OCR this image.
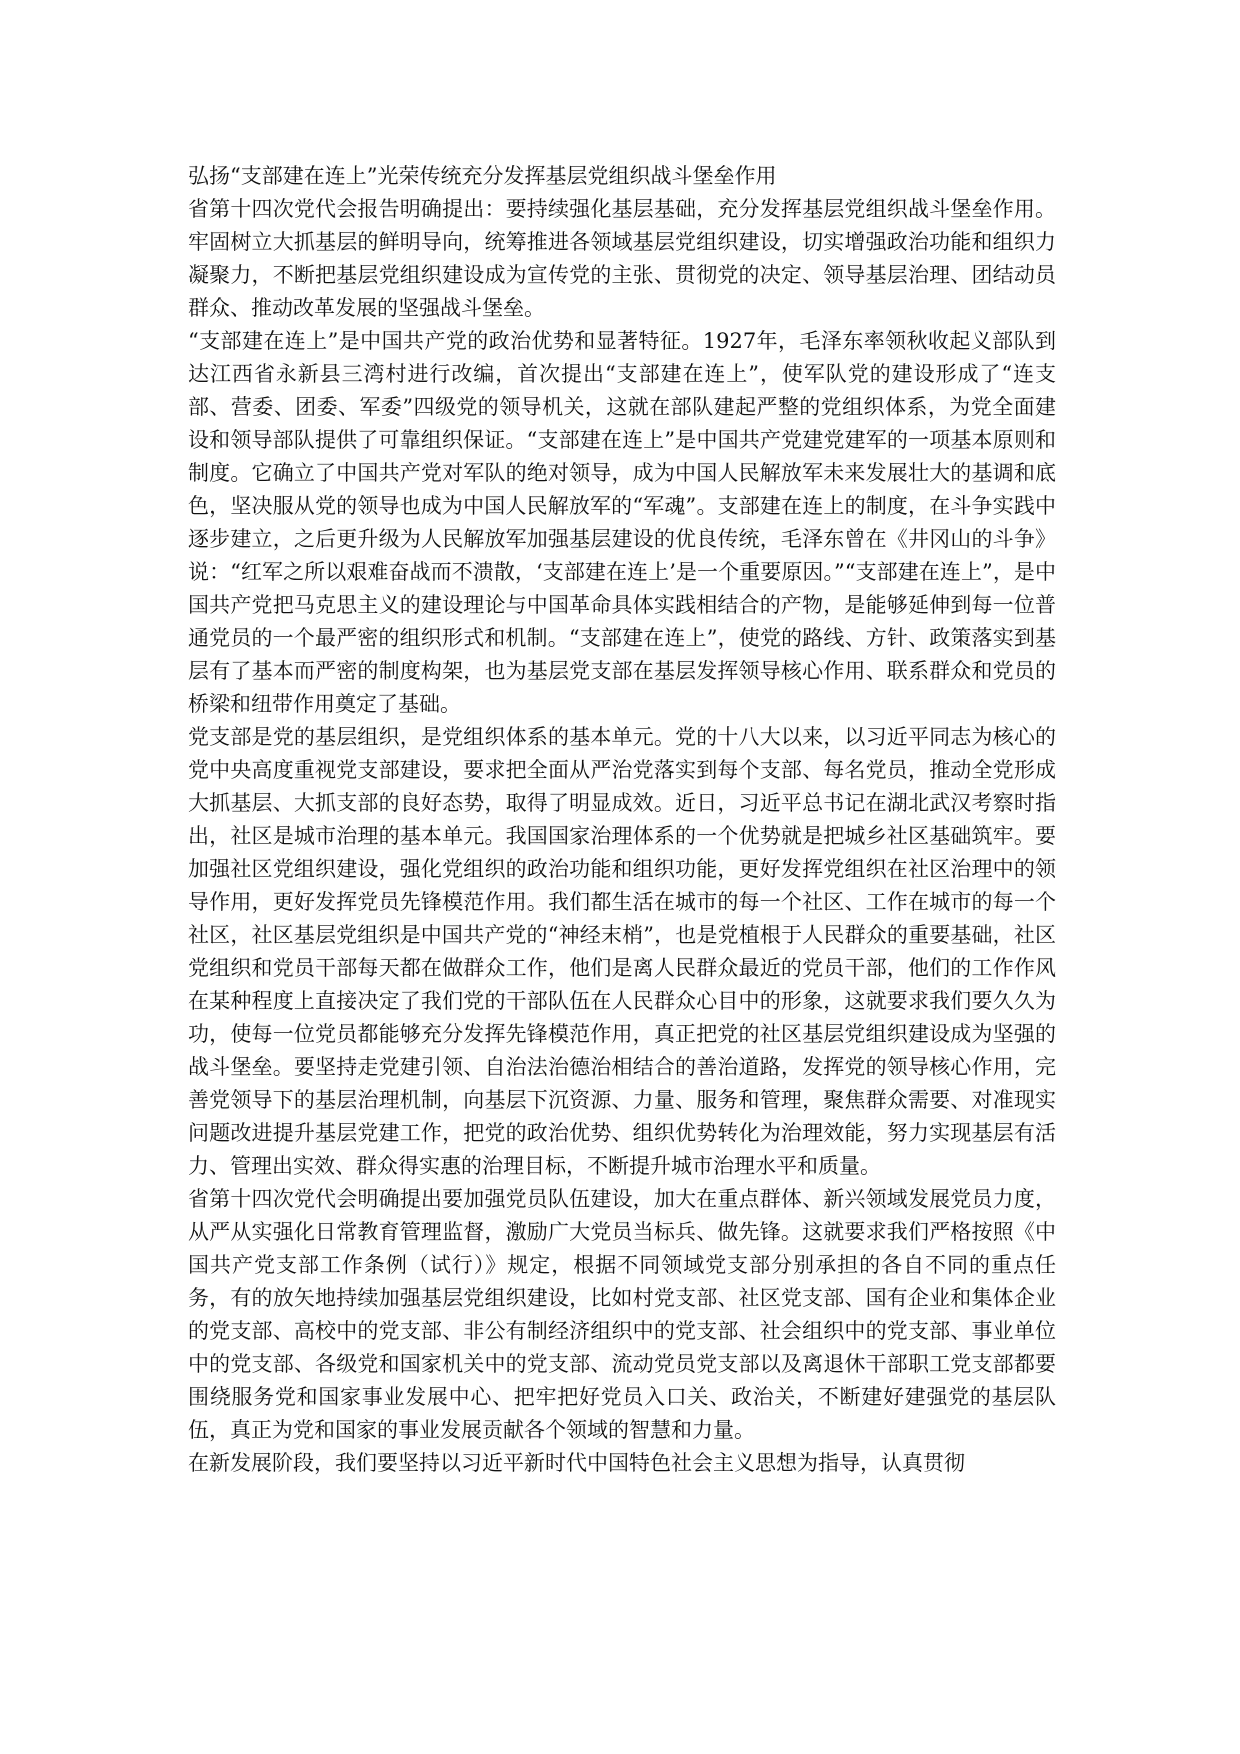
弘扬“支部建在连上”光荣传统充分发挥基层党组织战斗堡垒作用

省第十四次党代会报告明确提出：要持续强化基层基础，充分发挥基层党组织战斗堡垒作用。牢固树立大抓基层的鲜明导向，统筹推进各领域基层党组织建设，切实增强政治功能和组织力凝聚力，不断把基层党组织建设成为宣传党的主张、贯彻党的决定、领导基层治理、团结动员群众、推动改革发展的坚强战斗堡垒。

“支部建在连上”是中国共产党的政治优势和显著特征。1927年，毛泽东率领秋收起义部队到达江西省永新县三湾村进行改编，首次提出“支部建在连上”，使军队党的建设形成了“连支部、营委、团委、军委”四级党的领导机关，这就在部队建起严整的党组织体系，为党全面建设和领导部队提供了可靠组织保证。“支部建在连上”是中国共产党建党建军的一项基本原则和制度。它确立了中国共产党对军队的绝对领导，成为中国人民解放军未来发展壮大的基调和底色，坚决服从党的领导也成为中国人民解放军的“军魂”。支部建在连上的制度，在斗争实践中逐步建立，之后更升级为人民解放军加强基层建设的优良传统，毛泽东曾在《井冈山的斗争》说：“红军之所以艰难奋战而不溃散，‘支部建在连上’是一个重要原因。”“支部建在连上”，是中国共产党把马克思主义的建设理论与中国革命具体实践相结合的产物，是能够延伸到每一位普通党员的一个最严密的组织形式和机制。“支部建在连上”，使党的路线、方针、政策落实到基层有了基本而严密的制度构架，也为基层党支部在基层发挥领导核心作用、联系群众和党员的桥梁和纽带作用奠定了基础。

党支部是党的基层组织，是党组织体系的基本单元。党的十八大以来，以习近平同志为核心的党中央高度重视党支部建设，要求把全面从严治党落实到每个支部、每名党员，推动全党形成大抓基层、大抓支部的良好态势，取得了明显成效。近日，习近平总书记在湖北武汉考察时指出，社区是城市治理的基本单元。我国国家治理体系的一个优势就是把城乡社区基础筑牢。要加强社区党组织建设，强化党组织的政治功能和组织功能，更好发挥党组织在社区治理中的领导作用，更好发挥党员先锋模范作用。我们都生活在城市的每一个社区、工作在城市的每一个社区，社区基层党组织是中国共产党的“神经末梢”，也是党植根于人民群众的重要基础，社区党组织和党员干部每天都在做群众工作，他们是离人民群众最近的党员干部，他们的工作作风在某种程度上直接决定了我们党的干部队伍在人民群众心目中的形象，这就要求我们要久久为功，使每一位党员都能够充分发挥先锋模范作用，真正把党的社区基层党组织建设成为坚强的战斗堡垒。要坚持走党建引领、自治法治德治相结合的善治道路，发挥党的领导核心作用，完善党领导下的基层治理机制，向基层下沉资源、力量、服务和管理，聚焦群众需要、对准现实问题改进提升基层党建工作，把党的政治优势、组织优势转化为治理效能，努力实现基层有活力、管理出实效、群众得实惠的治理目标，不断提升城市治理水平和质量。

省第十四次党代会明确提出要加强党员队伍建设，加大在重点群体、新兴领域发展党员力度，从严从实强化日常教育管理监督，激励广大党员当标兵、做先锋。这就要求我们严格按照《中国共产党支部工作条例（试行）》规定，根据不同领域党支部分别承担的各自不同的重点任务，有的放矢地持续加强基层党组织建设，比如村党支部、社区党支部、国有企业和集体企业的党支部、高校中的党支部、非公有制经济组织中的党支部、社会组织中的党支部、事业单位中的党支部、各级党和国家机关中的党支部、流动党员党支部以及离退休干部职工党支部都要围绕服务党和国家事业发展中心、把牢把好党员入口关、政治关，不断建好建强党的基层队伍，真正为党和国家的事业发展贡献各个领域的智慧和力量。

在新发展阶段，我们要坚持以习近平新时代中国特色社会主义思想为指导，认真贯彻
